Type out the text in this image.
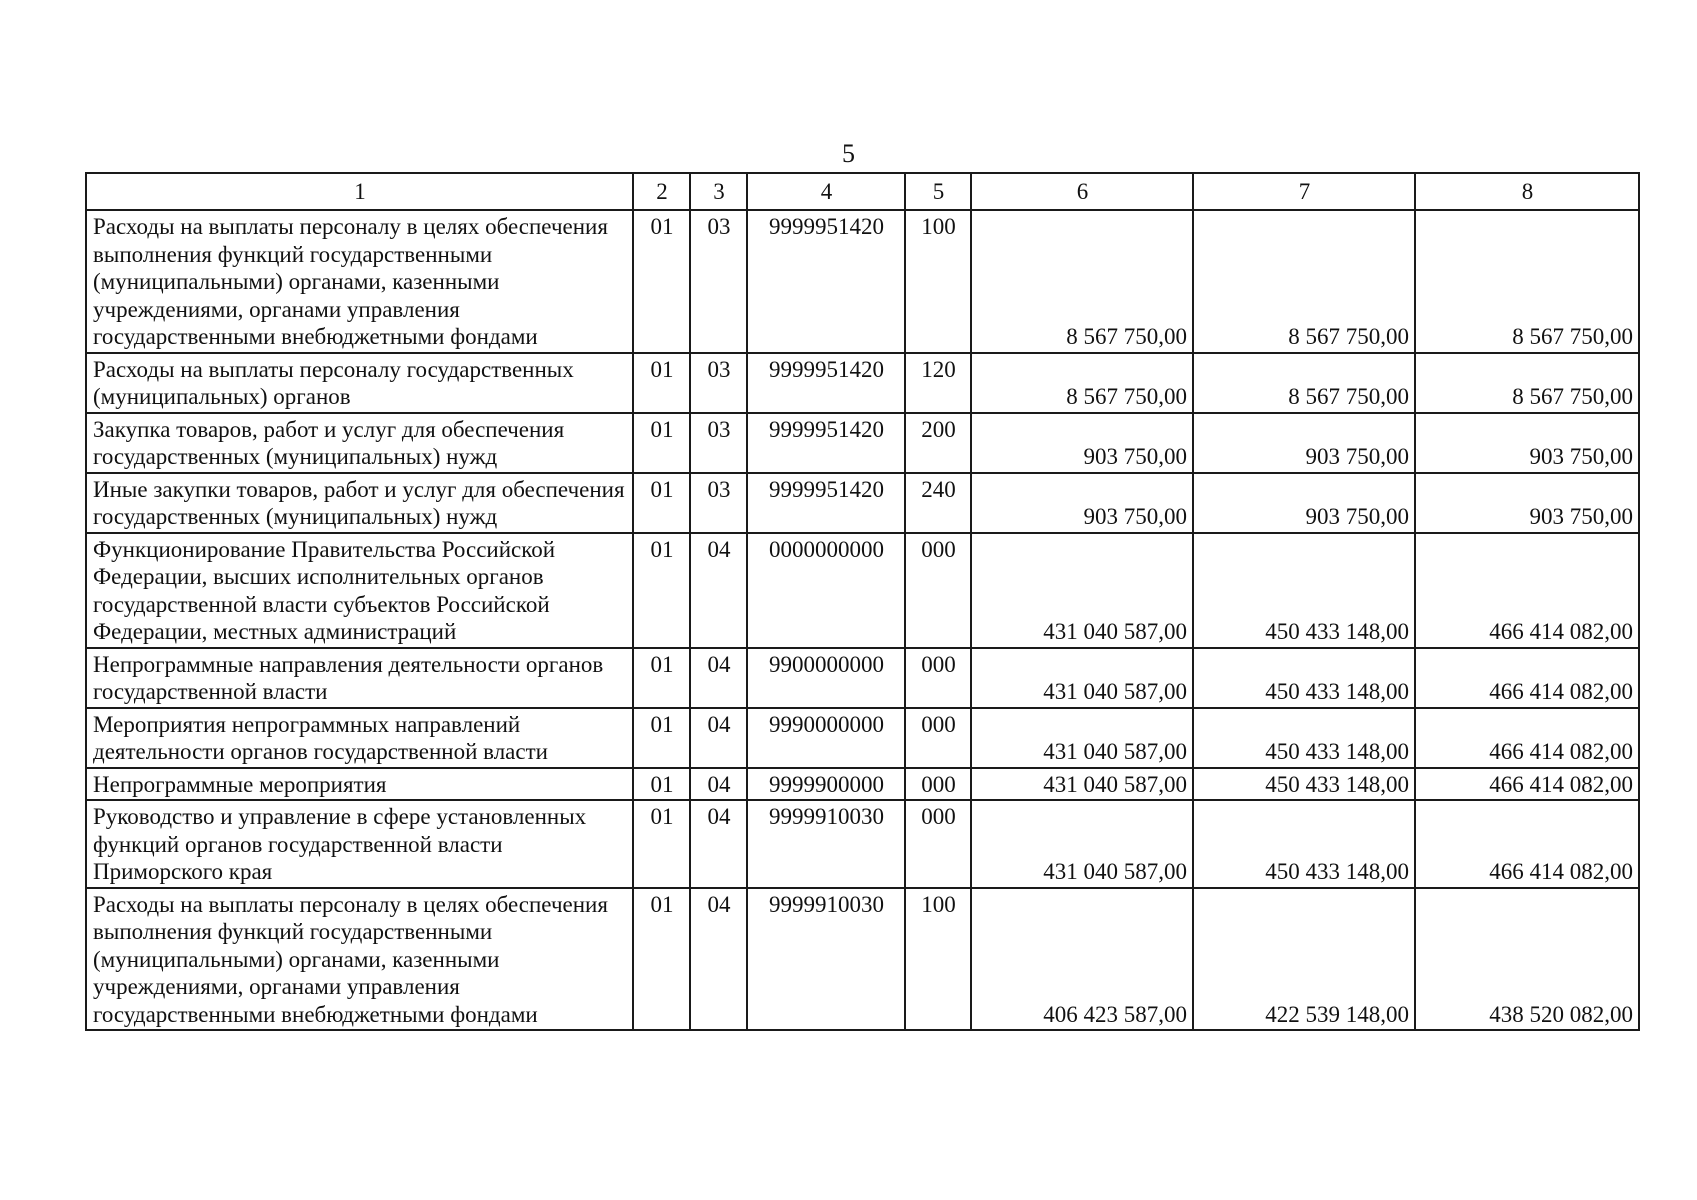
5
1	2	3	4	5	6	7	8
Расходы на выплаты персоналу в целях обеспечения выполнения функций государственными (муниципальными) органами, казенными учреждениями, органами управления государственными внебюджетными фондами	01	03	9999951420	100	8 567 750,00	8 567 750,00	8 567 750,00
Расходы на выплаты персоналу государственных (муниципальных) органов	01	03	9999951420	120	8 567 750,00	8 567 750,00	8 567 750,00
Закупка товаров, работ и услуг для обеспечения государственных (муниципальных) нужд	01	03	9999951420	200	903 750,00	903 750,00	903 750,00
Иные закупки товаров, работ и услуг для обеспечения государственных (муниципальных) нужд	01	03	9999951420	240	903 750,00	903 750,00	903 750,00
Функционирование Правительства Российской Федерации, высших исполнительных органов государственной власти субъектов Российской Федерации, местных администраций	01	04	0000000000	000	431 040 587,00	450 433 148,00	466 414 082,00
Непрограммные направления деятельности органов государственной власти	01	04	9900000000	000	431 040 587,00	450 433 148,00	466 414 082,00
Мероприятия непрограммных направлений деятельности органов государственной власти	01	04	9990000000	000	431 040 587,00	450 433 148,00	466 414 082,00
Непрограммные мероприятия	01	04	9999900000	000	431 040 587,00	450 433 148,00	466 414 082,00
Руководство и управление в сфере установленных функций органов государственной власти Приморского края	01	04	9999910030	000	431 040 587,00	450 433 148,00	466 414 082,00
Расходы на выплаты персоналу в целях обеспечения выполнения функций государственными (муниципальными) органами, казенными учреждениями, органами управления государственными внебюджетными фондами	01	04	9999910030	100	406 423 587,00	422 539 148,00	438 520 082,00
